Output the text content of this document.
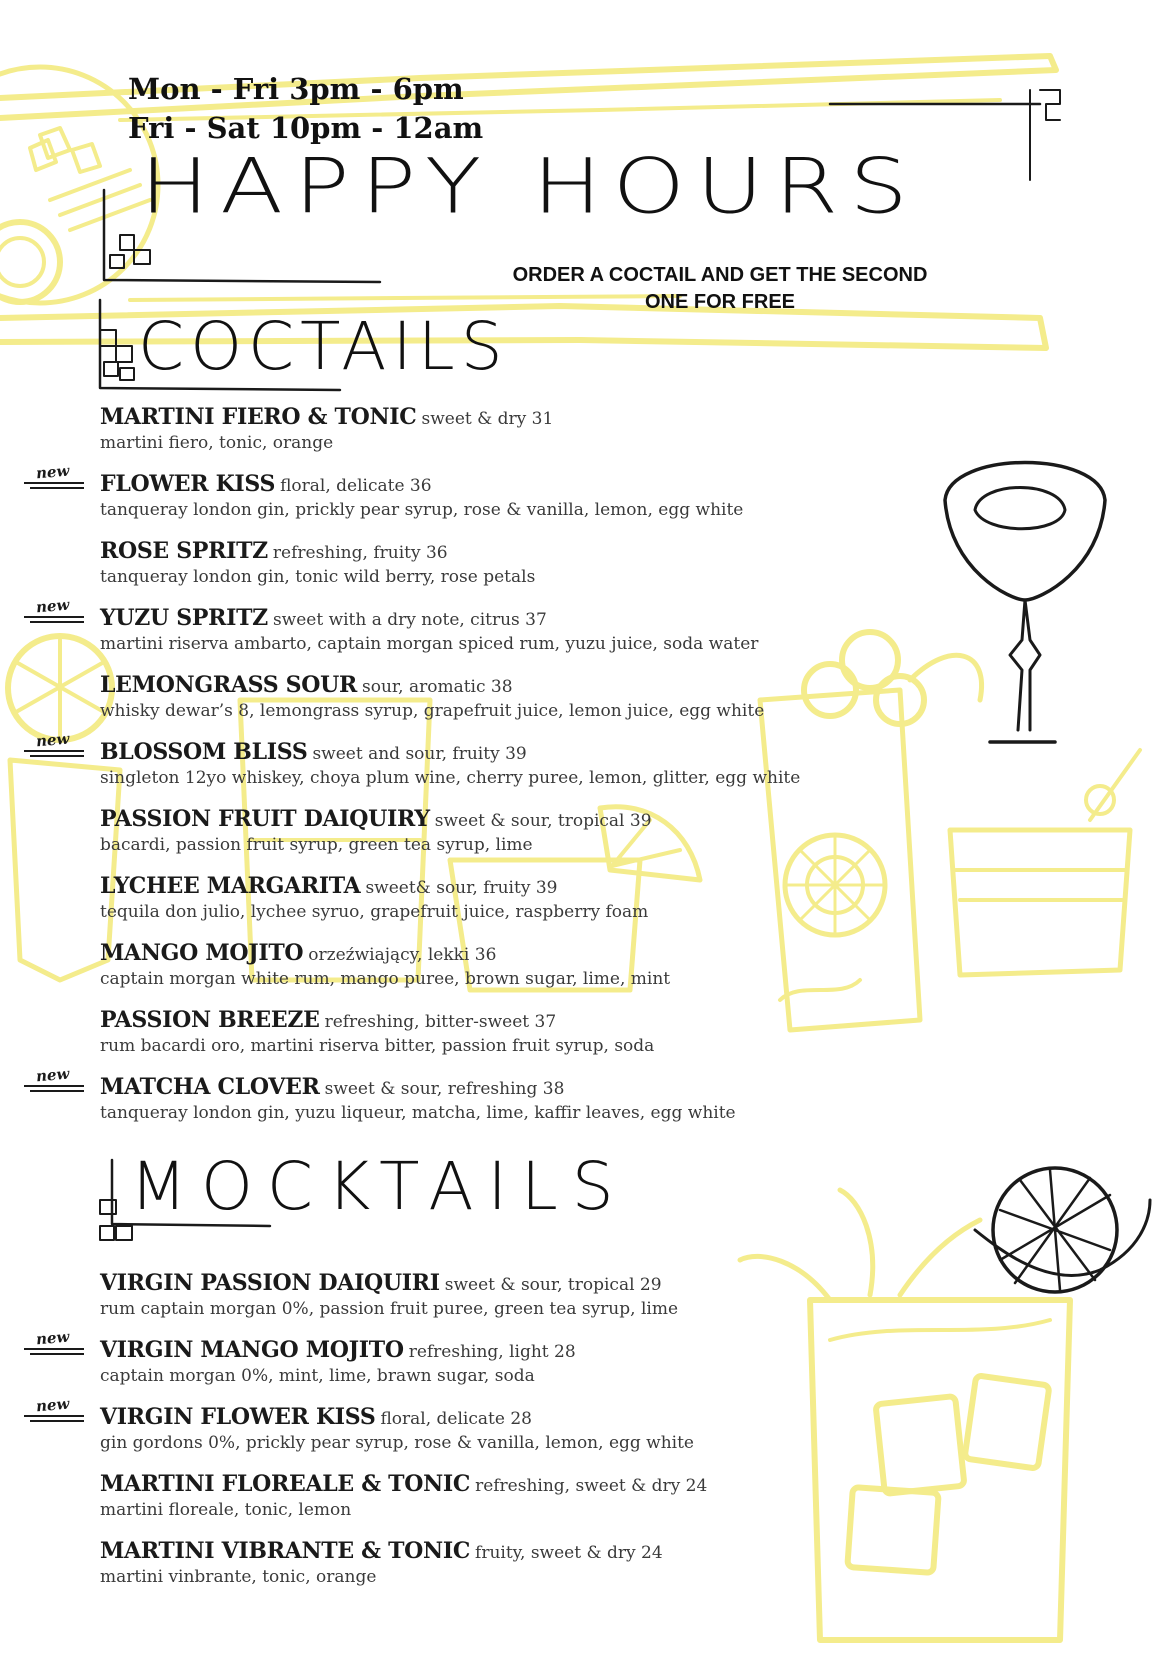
Mon - Fri 3pm - 6pm
Fri - Sat 10pm - 12am
HAPPY HOURS
ORDER A COCTAIL AND GET THE SECOND
ONE FOR FREE
COCTAILS
MOCKTAILS
MARTINI FIERO & TONIC sweet & dry 31
martini fiero, tonic, orange
FLOWER KISS floral, delicate 36
tanqueray london gin, prickly pear syrup, rose & vanilla, lemon, egg white
new
ROSE SPRITZ refreshing, fruity 36
tanqueray london gin, tonic wild berry, rose petals
YUZU SPRITZ sweet with a dry note, citrus 37
martini riserva ambarto, captain morgan spiced rum, yuzu juice, soda water
new
LEMONGRASS SOUR sour, aromatic 38
whisky dewar’s 8, lemongrass syrup, grapefruit juice, lemon juice, egg white
BLOSSOM BLISS sweet and sour, fruity 39
singleton 12yo whiskey, choya plum wine, cherry puree, lemon, glitter, egg white
new
PASSION FRUIT DAIQUIRY sweet & sour, tropical 39
bacardi, passion fruit syrup, green tea syrup, lime
LYCHEE MARGARITA sweet& sour, fruity 39
tequila don julio, lychee syruo, grapefruit juice, raspberry foam
MANGO MOJITO orzeźwiający, lekki 36
captain morgan white rum, mango puree, brown sugar, lime, mint
PASSION BREEZE refreshing, bitter-sweet 37
rum bacardi oro, martini riserva bitter, passion fruit syrup, soda
MATCHA CLOVER sweet & sour, refreshing 38
tanqueray london gin, yuzu liqueur, matcha, lime, kaffir leaves, egg white
new
VIRGIN PASSION DAIQUIRI sweet & sour, tropical 29
rum captain morgan 0%, passion fruit puree, green tea syrup, lime
VIRGIN MANGO MOJITO refreshing, light 28
captain morgan 0%, mint, lime, brawn sugar, soda
new
VIRGIN FLOWER KISS floral, delicate 28
gin gordons 0%, prickly pear syrup, rose & vanilla, lemon, egg white
new
MARTINI FLOREALE & TONIC refreshing, sweet & dry 24
martini floreale, tonic, lemon
MARTINI VIBRANTE & TONIC fruity, sweet & dry 24
martini vinbrante, tonic, orange
